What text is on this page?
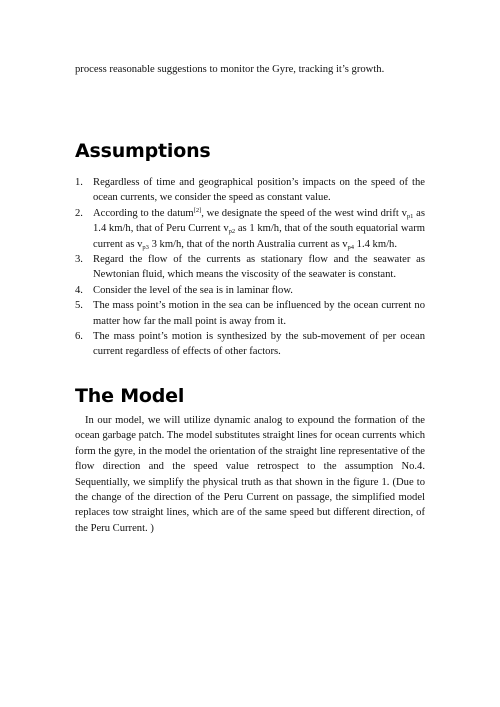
process reasonable suggestions to monitor the Gyre, tracking it’s growth.
Assumptions
1. Regardless of time and geographical position’s impacts on the speed of the ocean currents, we consider the speed as constant value.
2. According to the datum[2], we designate the speed of the west wind drift $v_{p1}$ as 1.4 km/h, that of Peru Current $v_{p2}$ as 1 km/h, that of the south equatorial warm current as $v_{p3}$ 3 km/h, that of the north Australia current as $v_{p4}$ 1.4 km/h.
3. Regard the flow of the currents as stationary flow and the seawater as Newtonian fluid, which means the viscosity of the seawater is constant.
4. Consider the level of the sea is in laminar flow.
5. The mass point’s motion in the sea can be influenced by the ocean current no matter how far the mall point is away from it.
6. The mass point’s motion is synthesized by the sub-movement of per ocean current regardless of effects of other factors.
The Model

In our model, we will utilize dynamic analog to expound the formation of the ocean garbage patch. The model substitutes straight lines for ocean currents which form the gyre, in the model the orientation of the straight line representative of the flow direction and the speed value retrospect to the assumption No.4. Sequentially, we simplify the physical truth as that shown in the figure 1. (Due to the change of the direction of the Peru Current on passage, the simplified model replaces tow straight lines, which are of the same speed but different direction, of the Peru Current. )
